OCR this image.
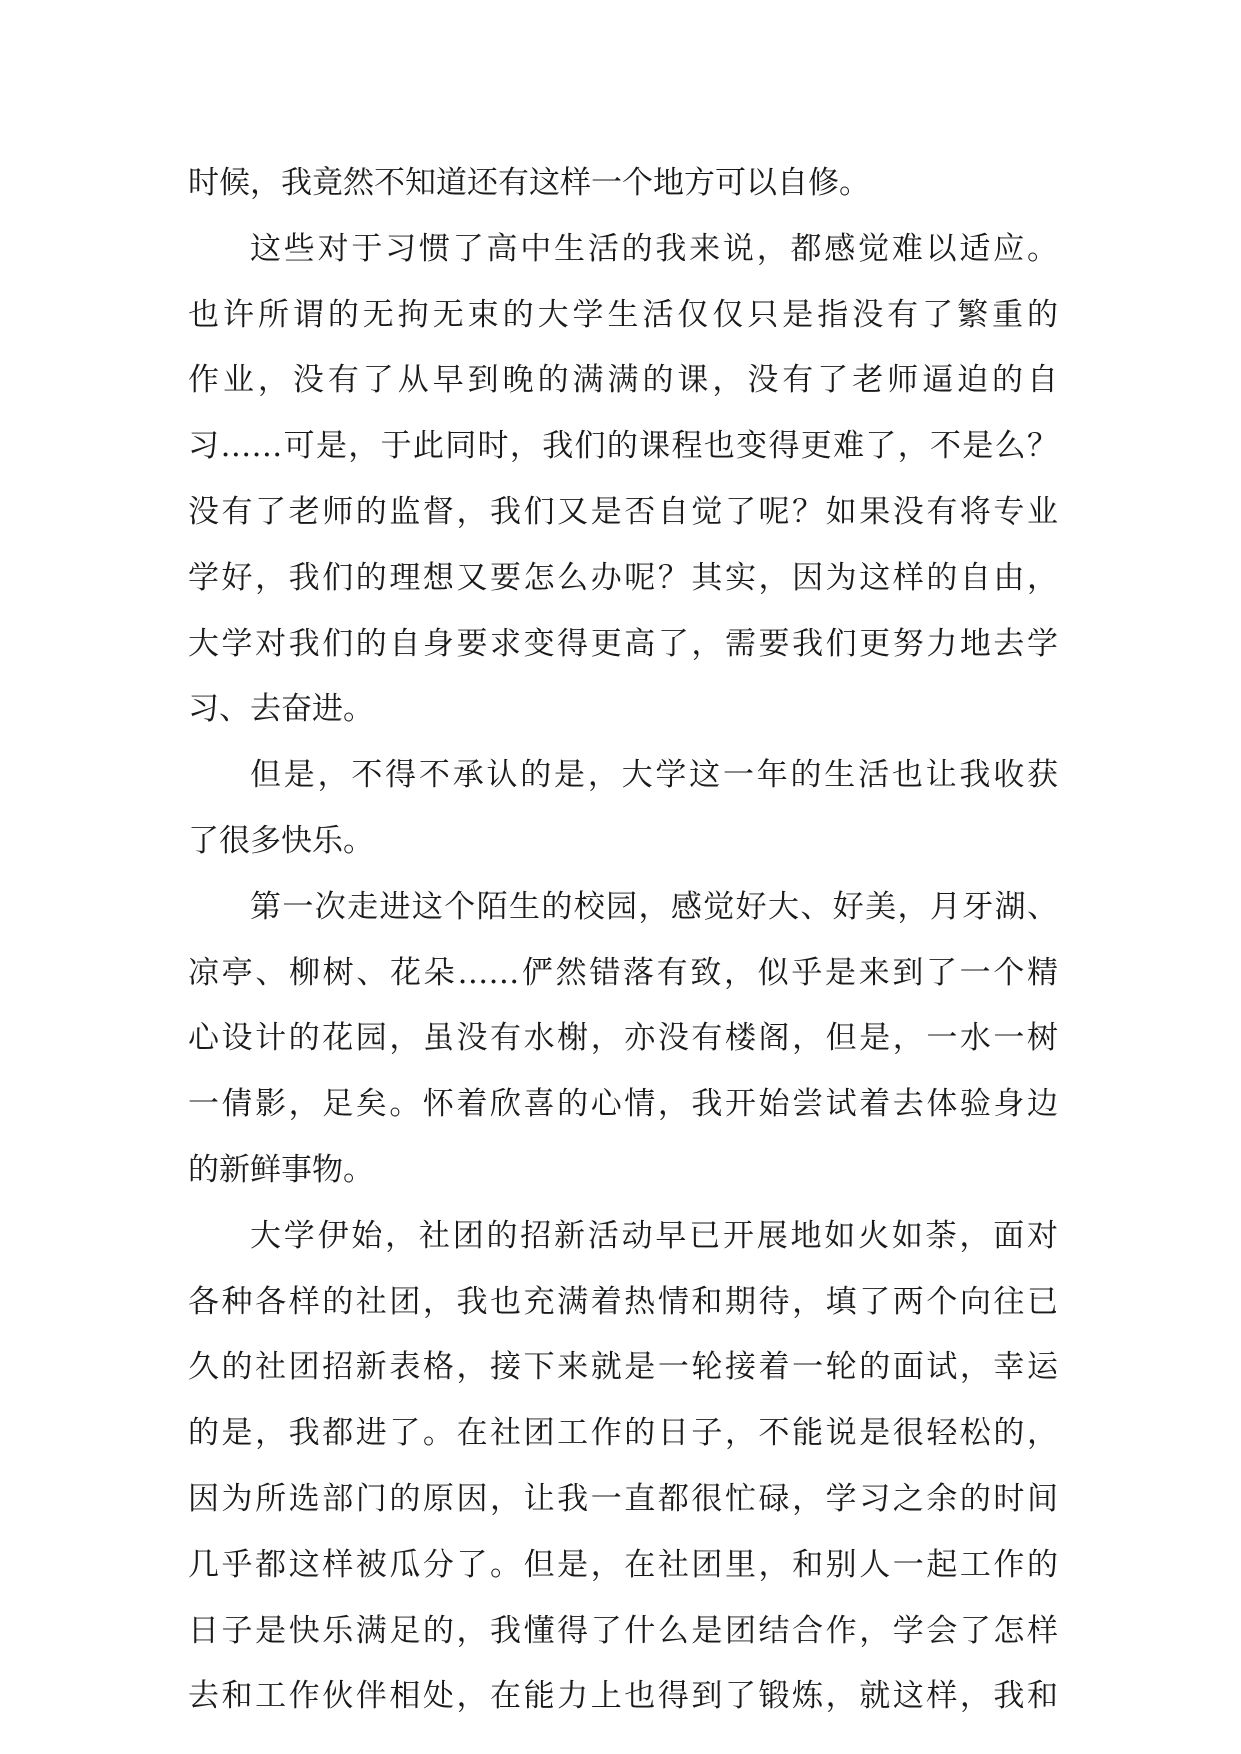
时候，我竟然不知道还有这样一个地方可以自修。
这些对于习惯了高中生活的我来说，都感觉难以适应。
也许所谓的无拘无束的大学生活仅仅只是指没有了繁重的
作业，没有了从早到晚的满满的课，没有了老师逼迫的自
习……可是，于此同时，我们的课程也变得更难了，不是么？
没有了老师的监督，我们又是否自觉了呢？如果没有将专业
学好，我们的理想又要怎么办呢？其实，因为这样的自由，
大学对我们的自身要求变得更高了，需要我们更努力地去学
习、去奋进。
但是，不得不承认的是，大学这一年的生活也让我收获
了很多快乐。
第一次走进这个陌生的校园，感觉好大、好美，月牙湖、
凉亭、柳树、花朵……俨然错落有致，似乎是来到了一个精
心设计的花园，虽没有水榭，亦没有楼阁，但是，一水一树
一倩影，足矣。怀着欣喜的心情，我开始尝试着去体验身边
的新鲜事物。
大学伊始，社团的招新活动早已开展地如火如荼，面对
各种各样的社团，我也充满着热情和期待，填了两个向往已
久的社团招新表格，接下来就是一轮接着一轮的面试，幸运
的是，我都进了。在社团工作的日子，不能说是很轻松的，
因为所选部门的原因，让我一直都很忙碌，学习之余的时间
几乎都这样被瓜分了。但是，在社团里，和别人一起工作的
日子是快乐满足的，我懂得了什么是团结合作，学会了怎样
去和工作伙伴相处，在能力上也得到了锻炼，就这样，我和
